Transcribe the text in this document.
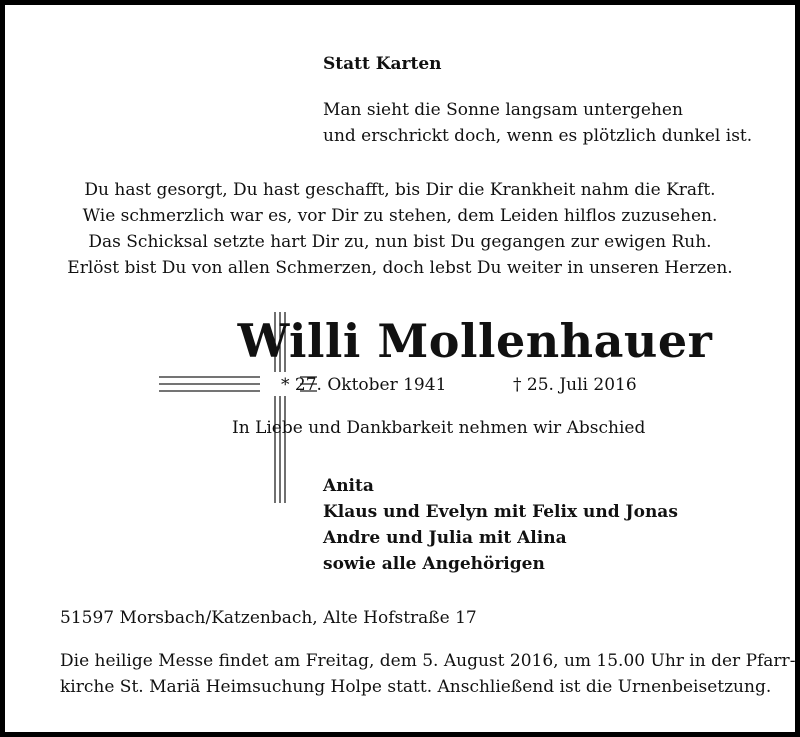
Statt Karten
Man sieht die Sonne langsam untergehen
und erschrickt doch, wenn es plötzlich dunkel ist.
Du hast gesorgt, Du hast geschafft, bis Dir die Krankheit nahm die Kraft.
Wie schmerzlich war es, vor Dir zu stehen, dem Leiden hilflos zuzusehen.
Das Schicksal setzte hart Dir zu, nun bist Du gegangen zur ewigen Ruh.
Erlöst bist Du von allen Schmerzen, doch lebst Du weiter in unseren Herzen.
Willi Mollenhauer
* 27. Oktober 1941	† 25. Juli 2016
In Liebe und Dankbarkeit nehmen wir Abschied
Anita
Klaus und Evelyn mit Felix und Jonas
Andre und Julia mit Alina
sowie alle Angehörigen
51597 Morsbach/Katzenbach, Alte Hofstraße 17
Die heilige Messe findet am Freitag, dem 5. August 2016, um 15.00 Uhr in der Pfarr-
kirche St. Mariä Heimsuchung Holpe statt. Anschließend ist die Urnenbeisetzung.
